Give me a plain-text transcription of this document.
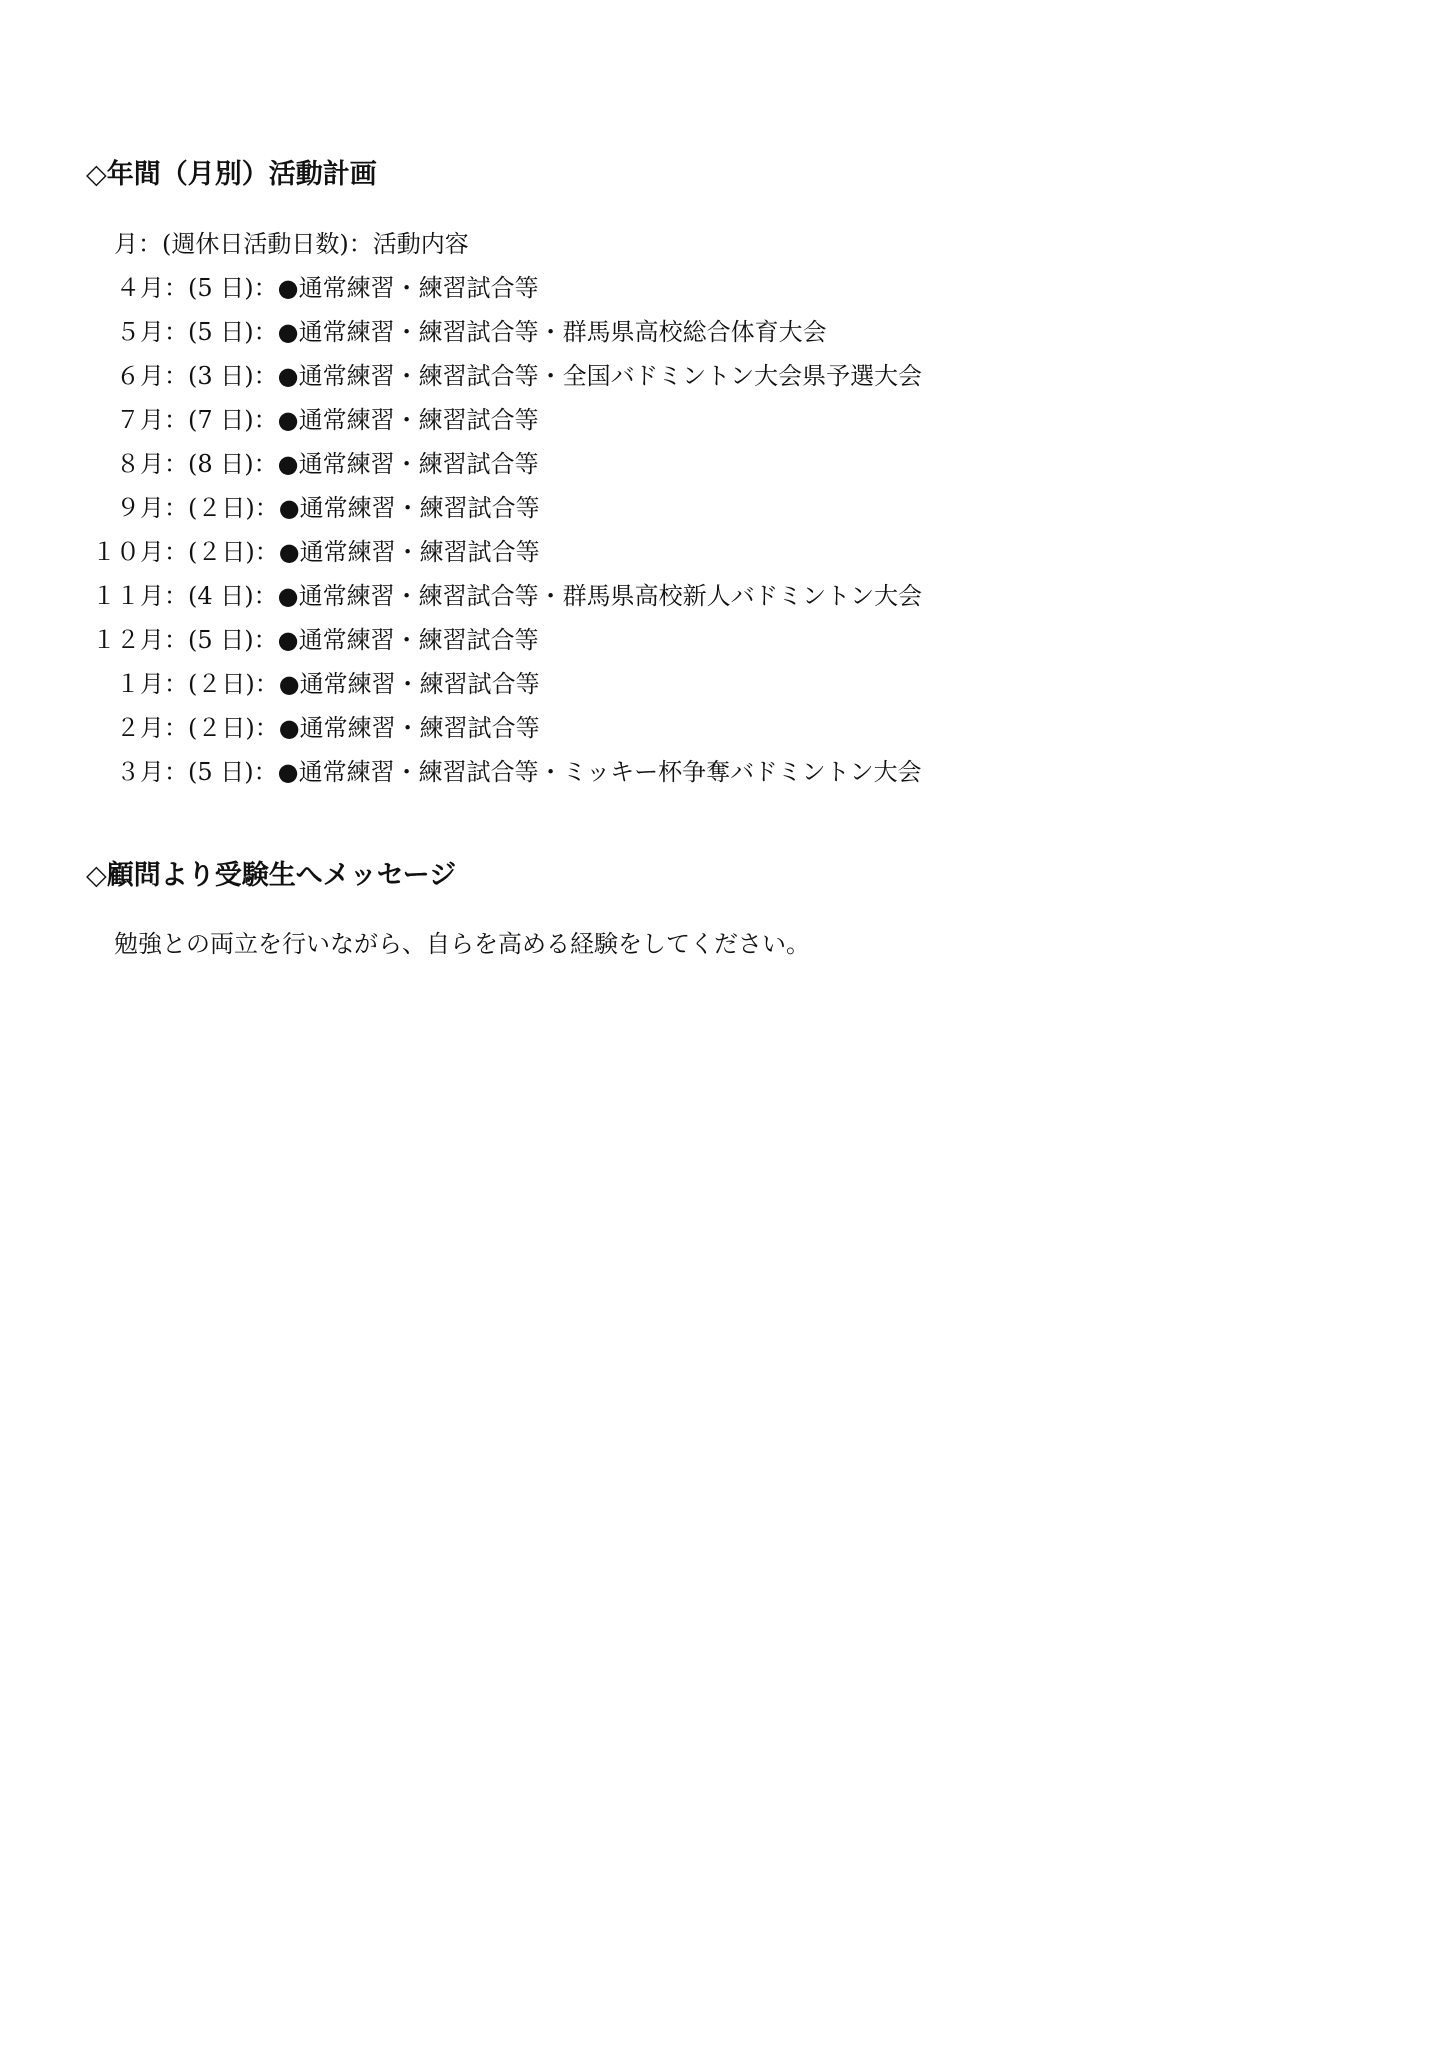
◇年間（月別）活動計画
月：(週休日活動日数)：活動内容
４月：(5 日)：●通常練習・練習試合等
５月：(5 日)：●通常練習・練習試合等・群馬県高校総合体育大会
６月：(3 日)：●通常練習・練習試合等・全国バドミントン大会県予選大会
７月：(7 日)：●通常練習・練習試合等
８月：(8 日)：●通常練習・練習試合等
９月：(２日)：●通常練習・練習試合等
１０月：(２日)：●通常練習・練習試合等
１１月：(4 日)：●通常練習・練習試合等・群馬県高校新人バドミントン大会
１２月：(5 日)：●通常練習・練習試合等
１月：(２日)：●通常練習・練習試合等
２月：(２日)：●通常練習・練習試合等
３月：(5 日)：●通常練習・練習試合等・ミッキー杯争奪バドミントン大会
◇顧問より受験生へメッセージ

勉強との両立を行いながら、自らを高める経験をしてください。
